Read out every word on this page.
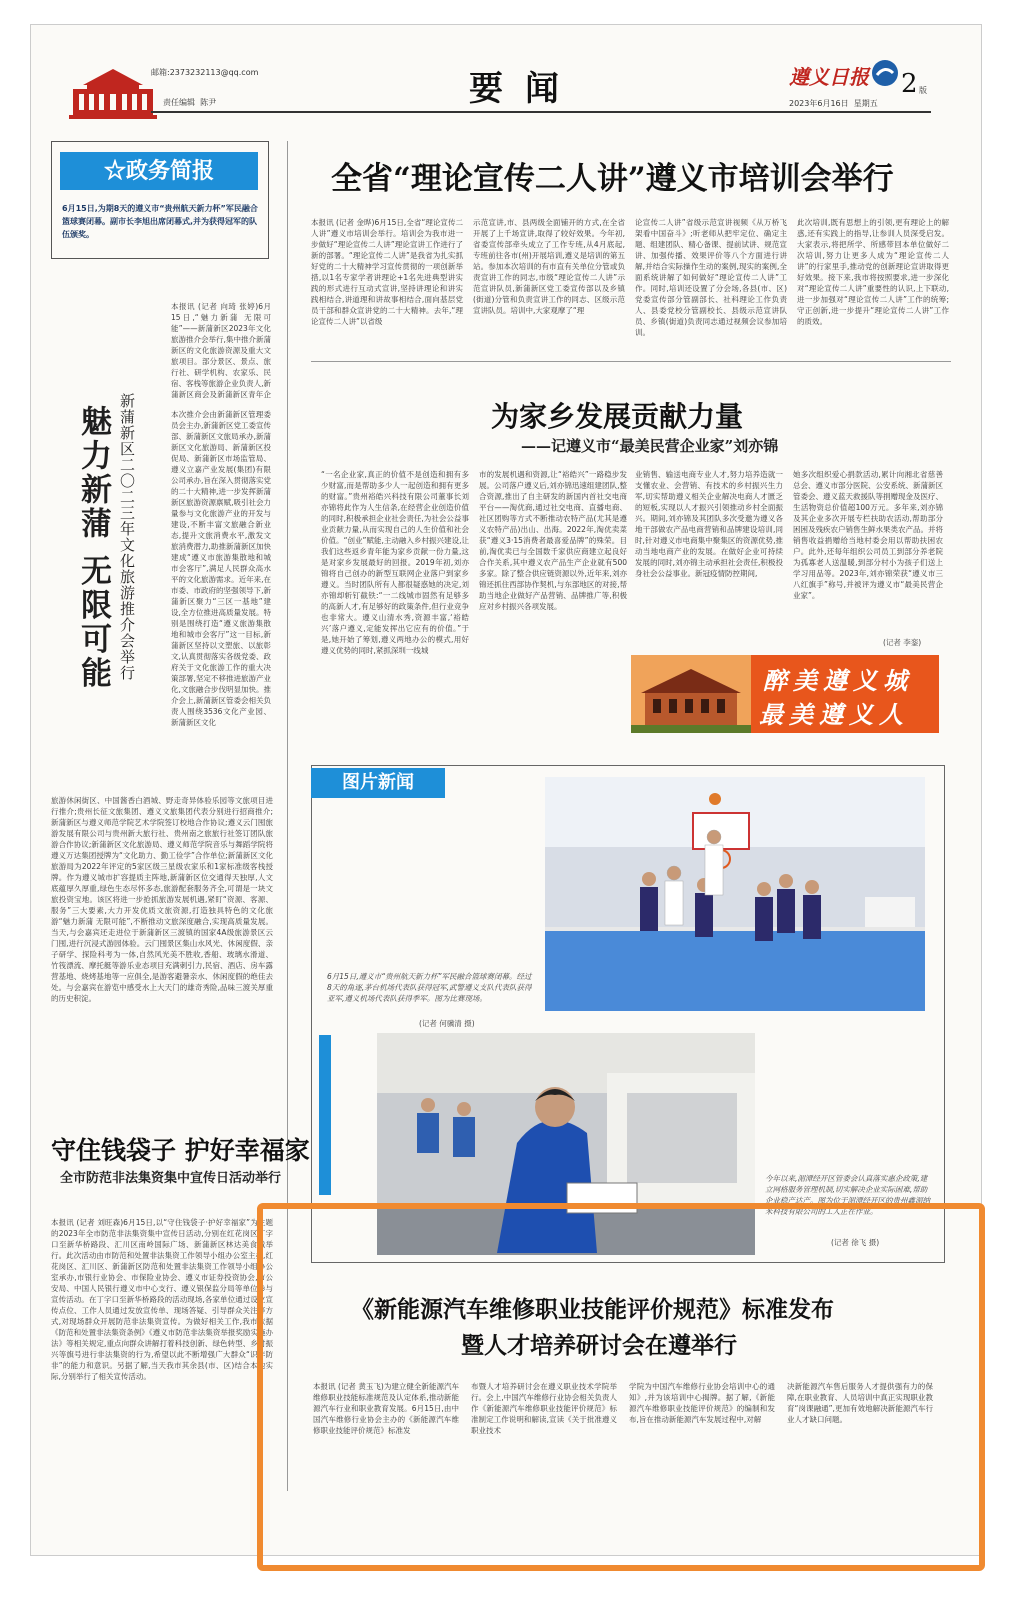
邮箱:2373232113@qq.com
责任编辑 陈尹	要闻	遵义日报 2 版
2023年6月16日 星期五
☆政务简报
6月15日,为期8天的遵义市“贵州航天新力杯”军民融合篮球赛闭幕。副市长李旭出席闭幕式,并为获得冠军的队伍颁奖。
全省“理论宣传二人讲”遵义市培训会举行
本报讯 (记者 金晔)6月15日,全省“理论宣传二人讲”遵义市培训会举行。培训会为我市进一步做好“理论宣传二人讲”理论宣讲工作进行了新的部署。“理论宣传二人讲”是我省为扎实抓好党的二十大精神学习宣传贯彻的一项创新举措,以1名专家学者讲理论+1名先进典型讲实践的形式进行互动式宣讲,坚持讲理论和讲实践相结合,讲道理和讲故事相结合,面向基层党员干部和群众宣讲党的二十大精神。去年,“理论宣传二人讲”以省级
示范宣讲,市、县两级全面铺开的方式,在全省开展了上千场宣讲,取得了较好效果。今年初,省委宣传部牵头成立了工作专班,从4月底起,专班前往各市(州)开展培训,遵义是培训的第五站。参加本次培训的有市直有关单位分管或负责宣讲工作的同志,市级“理论宣传二人讲”示范宣讲队员,新蒲新区党工委宣传部以及乡镇(街道)分管和负责宣讲工作的同志、区级示范宣讲队员。培训中,大家观摩了“理
论宣传二人讲”省级示范宣讲视频《从万桥飞架看中国奋斗》;听老师从把牢定位、确定主题、组建团队、精心备课、提前试讲、规范宣讲、加强传播、效果评价等八个方面进行讲解,并结合实际操作生动的案例,现实的案例,全面系统讲解了如何做好“理论宣传二人讲”工作。同时,培训还设置了分会场,各县(市、区)党委宣传部分管副部长、社科理论工作负责人、县委党校分管副校长、县级示范宣讲队员、乡镇(街道)负责同志通过视频会议参加培训。
此次培训,既有思想上的引领,更有理论上的解惑,还有实践上的指导,让参训人员深受启发。大家表示,将把所学、所感带回本单位做好二次培训,努力让更多人成为“理论宣传二人讲”的行家里手,推动党的创新理论宣讲取得更好效果。接下来,我市将按照要求,进一步深化对“理论宣传二人讲”重要性的认识,上下联动,进一步加强对“理论宣传二人讲”工作的统筹;守正创新,进一步提升“理论宣传二人讲”工作的质效。
本报讯 (记者 向琦 张婷)6月15日,“魅力新蒲 无限可能”——新蒲新区2023年文化旅游推介会举行,集中推介新蒲新区的文化旅游资源及重大文旅项目。部分景区、景点、旅行社、研学机构、农家乐、民宿、客栈等旅游企业负责人,新蒲新区商会及新蒲新区青年企
魅力新蒲 无限可能 新蒲新区二〇二三年文化旅游推介会举行	本次推介会由新蒲新区管理委员会主办,新蒲新区党工委宣传部、新蒲新区文旅局承办,新蒲新区文化旅游局、新蒲新区投促局、新蒲新区市场监管局、遵义立嘉产业发展(集团)有限公司承办,旨在深入贯彻落实党的二十大精神,进一步发挥新蒲新区旅游资源禀赋,吸引社会力量参与文化旅游产业的开发与建设,不断丰富文旅融合新业态,提升文旅消费水平,激发文旅消费潜力,助推新蒲新区加快建成“遵义市旅游集散地和城市会客厅”,满足人民群众高水平的文化旅游需求。近年来,在市委、市政府的坚强领导下,新蒲新区聚力“三区一基地”建设,全方位推进高质量发展。特别是围绕打造“遵义旅游集散地和城市会客厅”这一目标,新蒲新区坚持以文塑旅、以旅彰文,认真贯彻落实各级党委、政府关于文化旅游工作的重大决策部署,坚定不移推进旅游产业化,文旅融合步伐明显加快。推介会上,新蒲新区管委会相关负责人围绕3536文化产业园、新蒲新区文化
旅游休闲街区、中国酱香白酒城、野走奇异体验乐园等文旅项目进行推介;贵州长征文旅集团、遵义文旅集团代表分别进行招商推介;新蒲新区与遵义师范学院艺术学院签订校地合作协议;遵义云门囤旅游发展有限公司与贵州新大旅行社、贵州南之旅旅行社签订团队旅游合作协议;新蒲新区文化旅游局、遵义师范学院音乐与舞蹈学院将遵义万达集团授牌为“文化助力、勤工俭学”合作单位;新蒲新区文化旅游局为2022年评定的5家区级三星级农家乐和1家标准级客栈授牌。作为遵义城市扩容提质主阵地,新蒲新区位交通得天独厚,人文底蕴厚久厚重,绿色生态尽怀多态,旅游配套服务齐全,可谓是一块文旅投资宝地。该区将进一步抢抓旅游发展机遇,紧盯“资源、客源、服务”三大要素,大力开发优质文旅资源,打造独具特色的文化旅游“魅力新蒲 无限可能”,不断推动文旅深度融合,实现高质量发展。当天,与会嘉宾还走进位于新蒲新区三渡镇的国家4A级旅游景区云门囤,进行沉浸式游园体验。云门囤景区集山水风光、休闲度假、亲子研学、探险科考为一体,自然风光美不胜收,香船、玻璃水滑道、竹筏漂流、摩托艇等游乐业态项目充满刺引力,民宿、酒店、房车露营基地、烧烤基地等一应俱全,是游客避暑亲水、休闲度假的绝佳去处。与会嘉宾在游览中感受水上大天门的雄奇秀险,品味三渡关厚重的历史积淀。
为家乡发展贡献力量
——记遵义市“最美民营企业家”刘亦锦
“一名企业家,真正的价值不是创造和拥有多少财富,而是帮助多少人一起创造和拥有更多的财富。”贵州裕皓兴科技有限公司董事长刘亦锦将此作为人生信条,在经营企业创造价值的同时,积极承担企业社会责任,为社会公益事业贡献力量,从而实现自己的人生价值和社会价值。“创业”赋能,主动融入乡村振兴建设,让我们这些返乡青年能为家乡贡献一份力量,这是对家乡发展最好的回报。2019年初,刘亦锦将自己创办的新型互联网企业落户到家乡遵义。当时团队所有人都很疑惑她的决定,刘亦锦却斩钉截铁:“一二线城市固然有足够多的高新人才,有足够好的政策条件,但行业竞争也非常大。遵义山清水秀,资源丰富,‘裕皓兴’落户遵义,定能发挥出它应有的价值。”于是,她开始了筹划,遵义两地办公的模式,用好遵义优势的同时,紧抓深圳一线城
市的发展机遇和资源,让“裕皓兴”一路稳步发展。公司落户遵义后,刘亦锦迅速组建团队,整合资源,推出了自主研发的新国内首社交电商平台——淘优商,通过社交电商、直播电商、社区团购等方式不断推动农特产品(尤其是遵义农特产品)出山、出海。2022年,淘优卖菜获“遵义3·15消费者最喜爱品牌”的殊荣。目前,淘优卖已与全国数千家供应商建立起良好合作关系,其中遵义农产品生产企业就有500多家。除了整合供应链资源以外,近年来,刘亦锦还抓住西部协作契机,与东部地区的对接,帮助当地企业做好产品营销、品牌推广等,积极应对乡村振兴各项发展。
业销售、输送电商专业人才,努力培养造就一支懂农业、会营销、有技术的乡村振兴生力军,切实帮助遵义相关企业解决电商人才匮乏的短板,实现以人才振兴引领推动乡村全面振兴。期间,刘亦锦及其团队多次受邀为遵义各地干部做农产品电商营销和品牌建设培训,同时,针对遵义市电商集中聚集区的资源优势,推动当地电商产业的发展。在做好企业可持续发展的同时,刘亦锦主动承担社会责任,积极投身社会公益事业。新冠疫情防控期间,
她多次组织爱心捐款活动,累计向湘北省慈善总会、遵义市部分医院、公安系统、新蒲新区管委会、遵义蓝天救援队等捐赠现金及医疗、生活物资总价值超100万元。多年来,刘亦锦及其企业多次开展专栏扶助农活动,帮助部分困困及残疾农户销售生鲜水果类农产品。并将销售收益捐赠给当地村委会用以帮助扶困农户。此外,还每年组织公司员工到部分养老院为孤寡老人送温暖,到部分村小为孩子们送上学习用品等。2023年,刘亦锦荣获“遵义市三八红旗手”称号,并被评为遵义市“最美民营企业家”。
(记者 李銮)
醉美遵义城
最美遵义人
图片新闻
6月15日,遵义市“贵州航天新力杯”军民融合篮球赛闭幕。经过8天的角逐,茅台机场代表队获得冠军,武警遵义支队代表队获得亚军,遵义机场代表队获得季军。图为比赛现场。
(记者 何骥清 摄)
今年以来,湄潭经开区管委会认真落实惠企政策,建立网格服务管理机制,切实解决企业实际困难,帮助企业稳产达产。图为位于湄潭经开区的贵州鑫湄纳米科技有限公司的工人正在作业。
(记者 徐飞 摄)
守住钱袋子 护好幸福家
全市防范非法集资集中宣传日活动举行
本报讯 (记者 刘旺森)6月15日,以“守住钱袋子·护好幸福家”为主题的2023年全市防范非法集资集中宣传日活动,分别在红花岗区丁字口至新华桥路段、汇川区南岭国际广场、新蒲新区林达美食城举行。此次活动由市防范和处置非法集资工作领导小组办公室主办,红花岗区、汇川区、新蒲新区防范和处置非法集资工作领导小组办公室承办,市银行业协会、市保险业协会、遵义市证券投资协会,市公安局、中国人民银行遵义市中心支行、遵义银保监分局等单位参与宣传活动。在丁字口至新华桥路段的活动现场,各家单位通过设立宣传点位、工作人员通过发放宣传单、现场答疑、引导群众关注等方式,对现场群众开展防范非法集资宣传。为做好相关工作,我市依据《防范和处置非法集资条例》《遵义市防范非法集资举报奖励实施办法》等相关规定,重点向群众讲解打着科技创新、绿色转型、乡村振兴等旗号进行非法集资的行为,希望以此不断增强广大群众“识非防非”的能力和意识。另据了解,当天我市其余县(市、区)结合本地实际,分别举行了相关宣传活动。
《新能源汽车维修职业技能评价规范》标准发布
暨人才培养研讨会在遵举行
本报讯 (记者 黄玉飞)为建立健全新能源汽车维修职业技能标准规范及认定体系,推动新能源汽车行业和职业教育发展。6月15日,由中国汽车维修行业协会主办的《新能源汽车维修职业技能评价规范》标准发
布暨人才培养研讨会在遵义职业技术学院举行。会上,中国汽车维修行业协会相关负责人作《新能源汽车维修职业技能评价规范》标准制定工作说明和解读,宣读《关于批准遵义职业技术
学院为中国汽车维修行业协会培训中心的通知》,并为该培训中心揭牌。据了解,《新能源汽车维修职业技能评价规范》的编制和发布,旨在推动新能源汽车发展过程中,对解
决新能源汽车售后服务人才提供强有力的保障,在职业教育、人员培训中真正实现职业教育“岗课融通”,更加有效地解决新能源汽车行业人才缺口问题。
